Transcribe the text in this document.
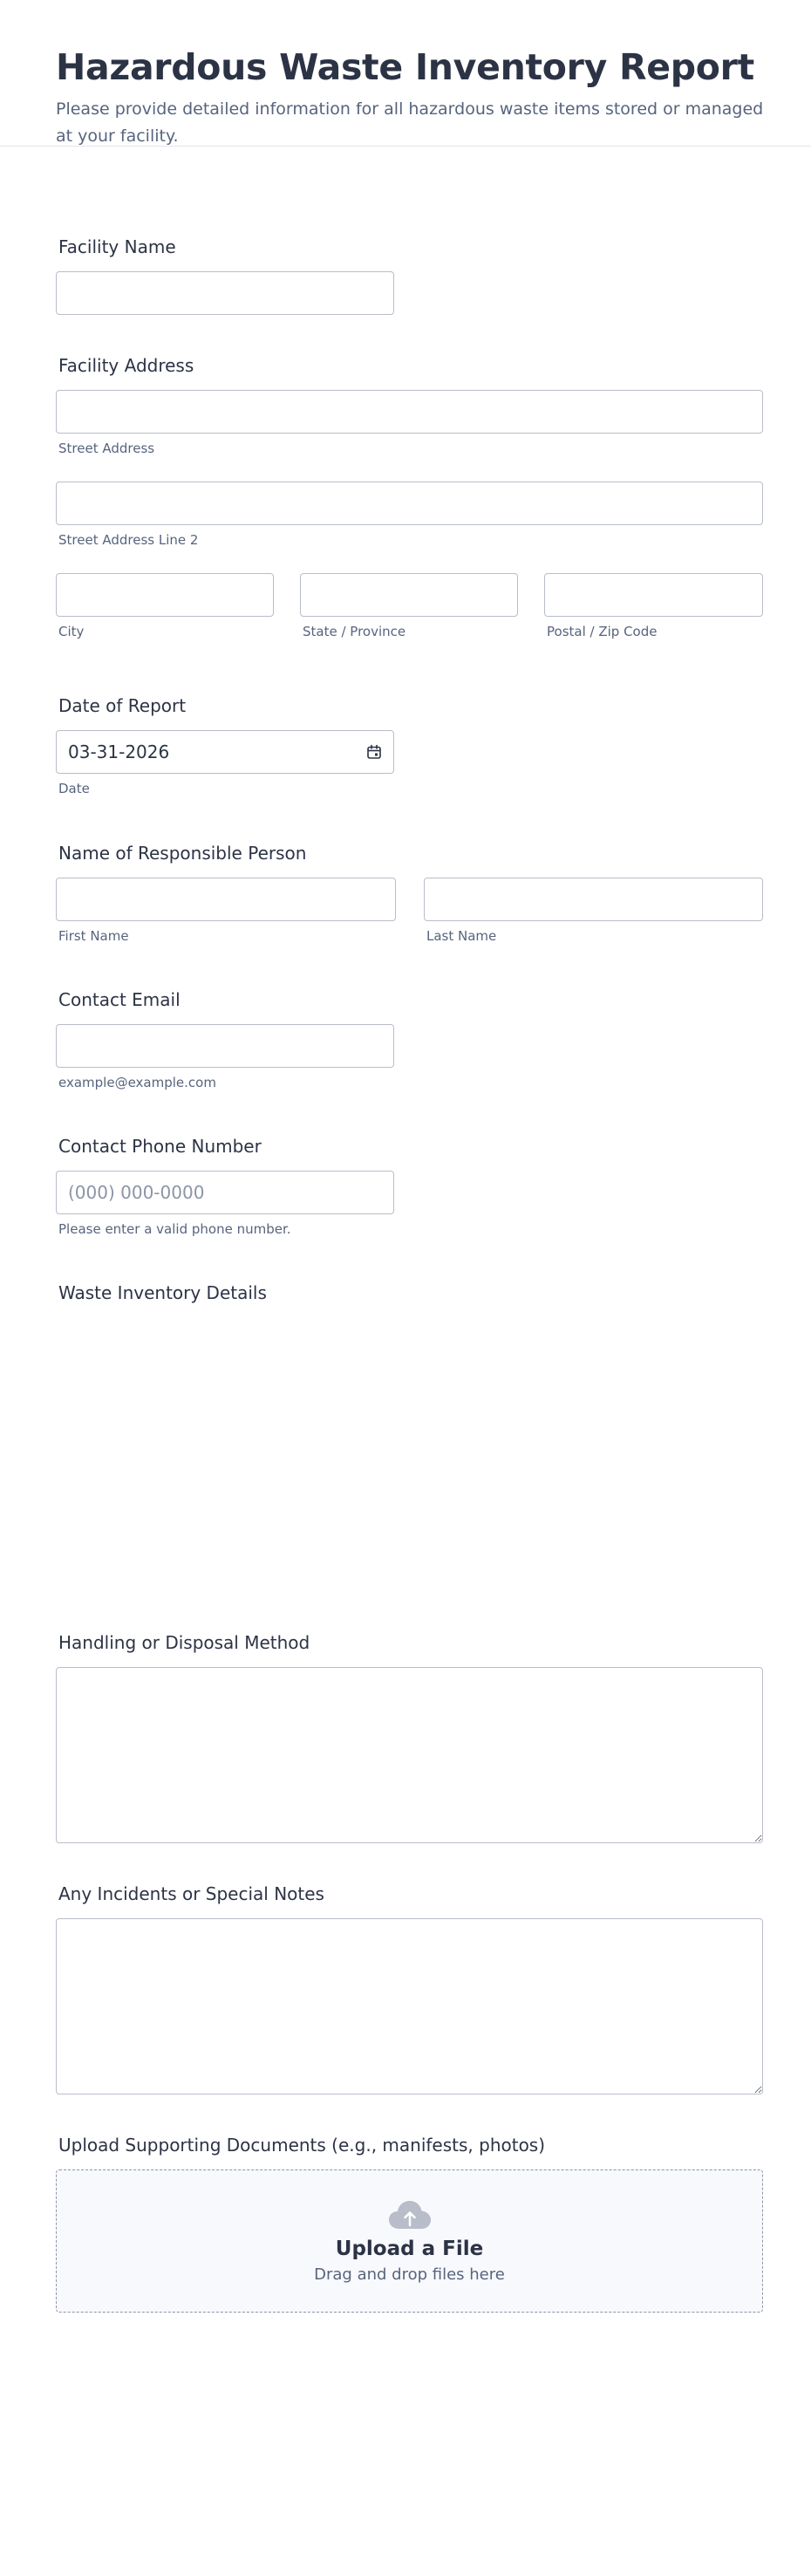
Hazardous Waste Inventory Report
Please provide detailed information for all hazardous waste items stored or managed at your facility.
Facility Name
Facility Address
Street Address
Street Address Line 2
City	State / Province	Postal / Zip Code
Date of Report
03-31-2026
Date
Name of Responsible Person
First Name	Last Name
Contact Email
example@example.com
Contact Phone Number
(000) 000-0000
Please enter a valid phone number.
Waste Inventory Details
Handling or Disposal Method
Any Incidents or Special Notes
Upload Supporting Documents (e.g., manifests, photos)
Upload a File
Drag and drop files here
